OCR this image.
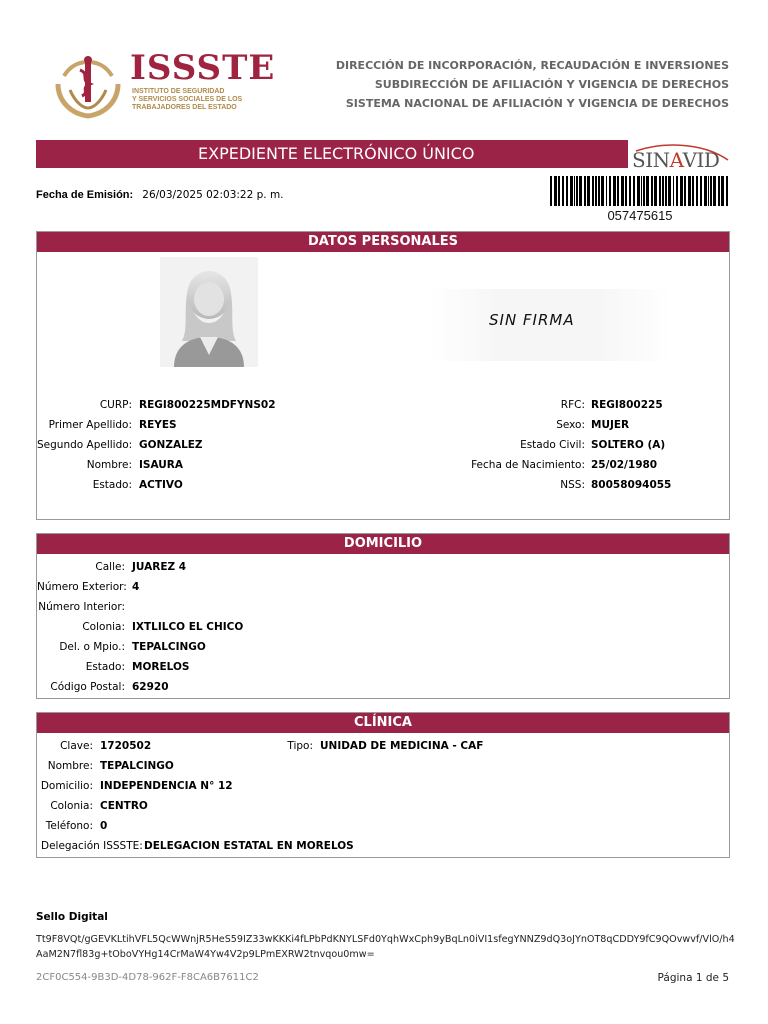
ISSSTE
INSTITUTO DE SEGURIDAD
Y SERVICIOS SOCIALES DE LOS
TRABAJADORES DEL ESTADO
DIRECCIÓN DE INCORPORACIÓN, RECAUDACIÓN E INVERSIONES
SUBDIRECCIÓN DE AFILIACIÓN Y VIGENCIA DE DERECHOS
SISTEMA NACIONAL DE AFILIACIÓN Y VIGENCIA DE DERECHOS
EXPEDIENTE ELECTRÓNICO ÚNICO	SINAVID
Fecha de Emisión: 26/03/2025 02:03:22 p. m.
057475615
DATOS PERSONALES
SIN FIRMA
CURP: REGI800225MDFYNS02
Primer Apellido: REYES
Segundo Apellido: GONZALEZ
Nombre: ISAURA
Estado: ACTIVO
RFC: REGI800225
Sexo: MUJER
Estado Civil: SOLTERO (A)
Fecha de Nacimiento: 25/02/1980
NSS: 80058094055
DOMICILIO
Calle: JUAREZ 4
Número Exterior: 4
Número Interior:
Colonia: IXTLILCO EL CHICO
Del. o Mpio.: TEPALCINGO
Estado: MORELOS
Código Postal: 62920
CLÍNICA
Clave: 1720502	Tipo: UNIDAD DE MEDICINA - CAF
Nombre: TEPALCINGO
Domicilio: INDEPENDENCIA N° 12
Colonia: CENTRO
Teléfono: 0
Delegación ISSSTE: DELEGACION ESTATAL EN MORELOS
Sello Digital
Tt9F8VQt/gGEVKLtihVFL5QcWWnjR5HeS59IZ33wKKKi4fLPbPdKNYLSFd0YqhWxCph9yBqLn0iVI1sfegYNNZ9dQ3oJYnOT8qCDDY9fC9QOvwvf/VlO/h4AaM2N7fl83g+tOboVYHg14CrMaW4Yw4V2p9LPmEXRW2tnvqou0mw=
2CF0C554-9B3D-4D78-962F-F8CA6B7611C2	Página 1 de 5
